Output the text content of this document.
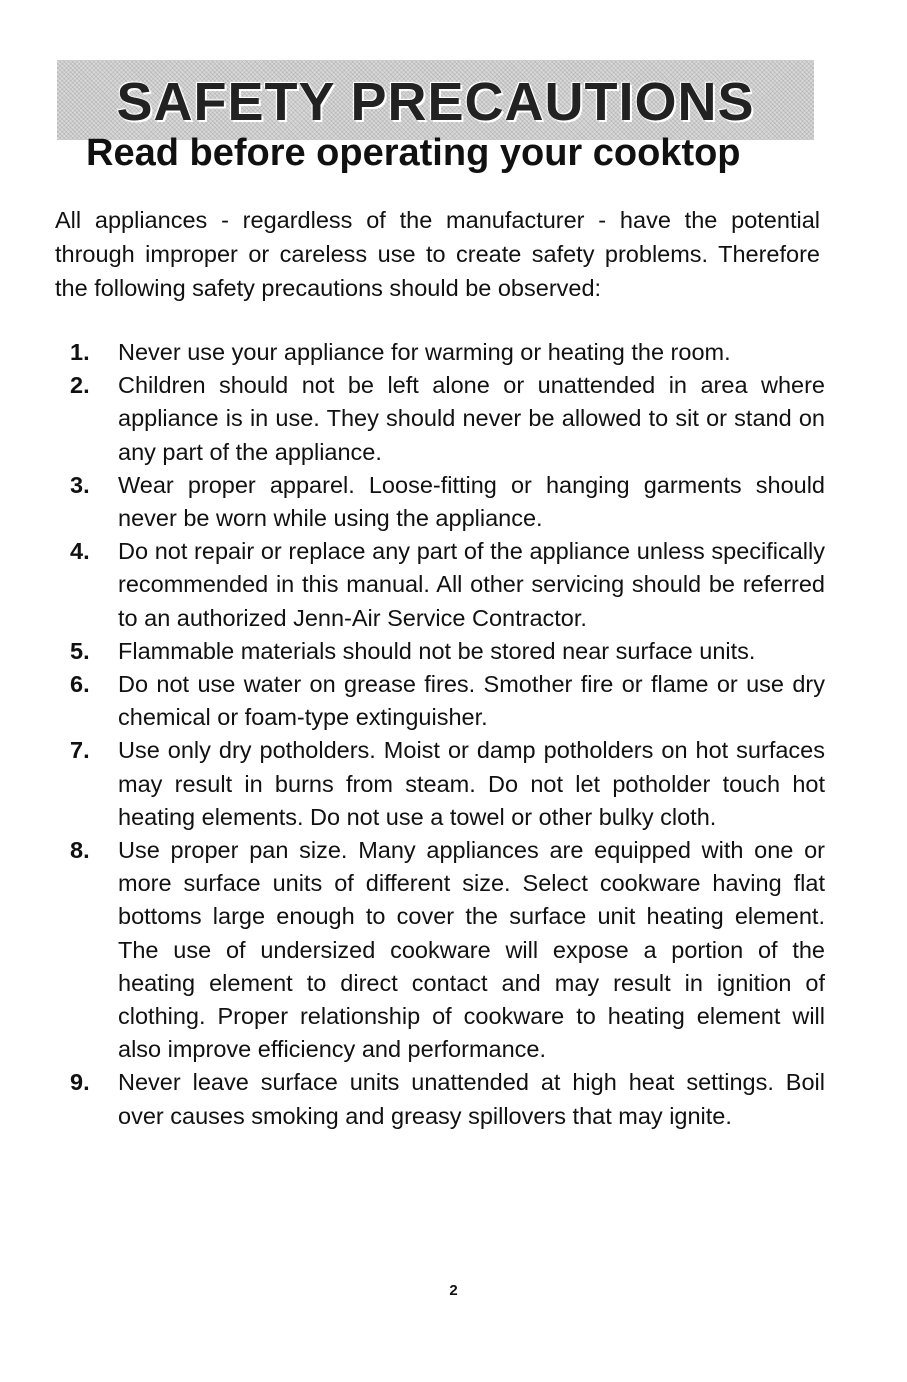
SAFETY PRECAUTIONS
Read before operating your cooktop

All appliances - regardless of the manufacturer - have the potential through improper or careless use to create safety problems. Therefore the following safety precautions should be observed:

1.	Never use your appliance for warming or heating the room.
2.	Children should not be left alone or unattended in area where appliance is in use. They should never be allowed to sit or stand on any part of the appliance.
3.	Wear proper apparel. Loose-fitting or hanging garments should never be worn while using the appliance.
4.	Do not repair or replace any part of the appliance unless specifically recommended in this manual. All other servicing should be referred to an authorized Jenn-Air Service Contractor.
5.	Flammable materials should not be stored near surface units.
6.	Do not use water on grease fires. Smother fire or flame or use dry chemical or foam-type extinguisher.
7.	Use only dry potholders. Moist or damp potholders on hot surfaces may result in burns from steam. Do not let potholder touch hot heating elements. Do not use a towel or other bulky cloth.
8.	Use proper pan size. Many appliances are equipped with one or more surface units of different size. Select cookware having flat bottoms large enough to cover the surface unit heating element. The use of undersized cookware will expose a portion of the heating element to direct contact and may result in ignition of clothing. Proper relationship of cookware to heating element will also improve efficiency and performance.
9.	Never leave surface units unattended at high heat settings. Boil over causes smoking and greasy spillovers that may ignite.
2
